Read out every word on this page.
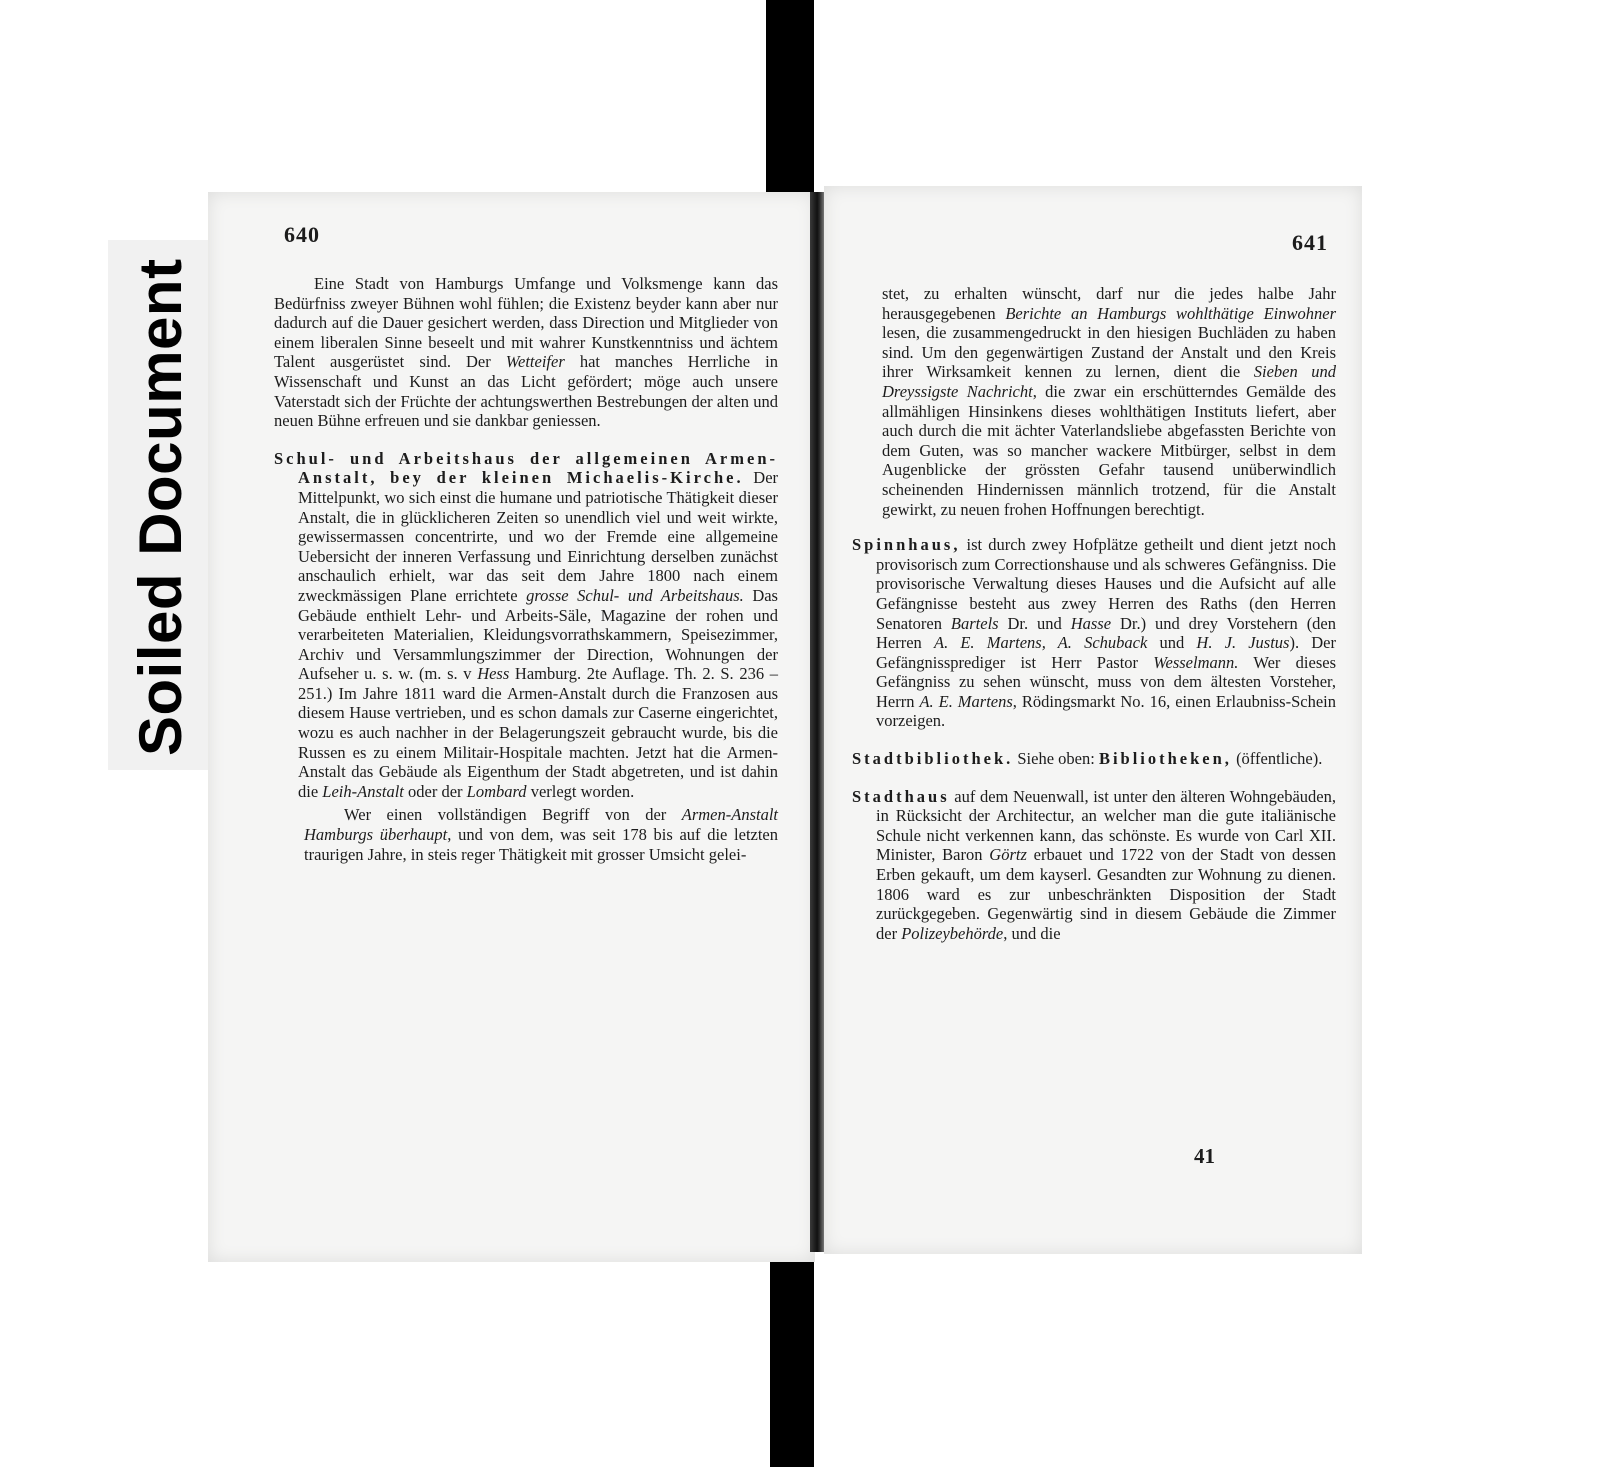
Soiled Document
640

Eine Stadt von Hamburgs Umfange und Volksmenge kann das Bedürfniss zweyer Bühnen wohl fühlen; die Existenz beyder kann aber nur dadurch auf die Dauer gesichert werden, dass Direction und Mitglieder von einem liberalen Sinne beseelt und mit wahrer Kunstkenntniss und ächtem Talent ausgerüstet sind. Der Wetteifer hat manches Herrliche in Wissenschaft und Kunst an das Licht gefördert; möge auch unsere Vaterstadt sich der Früchte der achtungswerthen Bestrebungen der alten und neuen Bühne erfreuen und sie dankbar geniessen.

Schul- und Arbeitshaus der allgemeinen Armen-Anstalt, bey der kleinen Michaelis-Kirche. Der Mittelpunkt, wo sich einst die humane und patriotische Thätigkeit dieser Anstalt, die in glücklicheren Zeiten so unendlich viel und weit wirkte, gewissermassen concentrirte, und wo der Fremde eine allgemeine Uebersicht der inneren Verfassung und Einrichtung derselben zunächst anschaulich erhielt, war das seit dem Jahre 1800 nach einem zweckmässigen Plane errichtete grosse Schul- und Arbeitshaus. Das Gebäude enthielt Lehr- und Arbeits-Säle, Magazine der rohen und verarbeiteten Materialien, Kleidungsvorrathskammern, Speisezimmer, Archiv und Versammlungszimmer der Direction, Wohnungen der Aufseher u. s. w. (m. s. v Hess Hamburg. 2te Auflage. Th. 2. S. 236 – 251.) Im Jahre 1811 ward die Armen-Anstalt durch die Franzosen aus diesem Hause vertrieben, und es schon damals zur Caserne eingerichtet, wozu es auch nachher in der Belagerungszeit gebraucht wurde, bis die Russen es zu einem Militair-Hospitale machten. Jetzt hat die Armen-Anstalt das Gebäude als Eigenthum der Stadt abgetreten, und ist dahin die Leih-Anstalt oder der Lombard verlegt worden.

Wer einen vollständigen Begriff von der Armen-Anstalt Hamburgs überhaupt, und von dem, was seit 178 bis auf die letzten traurigen Jahre, in steis reger Thätigkeit mit grosser Umsicht gelei-

641

stet, zu erhalten wünscht, darf nur die jedes halbe Jahr herausgegebenen Berichte an Hamburgs wohlthätige Einwohner lesen, die zusammengedruckt in den hiesigen Buchläden zu haben sind. Um den gegenwärtigen Zustand der Anstalt und den Kreis ihrer Wirksamkeit kennen zu lernen, dient die Sieben und Dreyssigste Nachricht, die zwar ein erschütterndes Gemälde des allmähligen Hinsinkens dieses wohlthätigen Instituts liefert, aber auch durch die mit ächter Vaterlandsliebe abgefassten Berichte von dem Guten, was so mancher wackere Mitbürger, selbst in dem Augenblicke der grössten Gefahr tausend unüberwindlich scheinenden Hindernissen männlich trotzend, für die Anstalt gewirkt, zu neuen frohen Hoffnungen berechtigt.

Spinnhaus, ist durch zwey Hofplätze getheilt und dient jetzt noch provisorisch zum Correctionshause und als schweres Gefängniss. Die provisorische Verwaltung dieses Hauses und die Aufsicht auf alle Gefängnisse besteht aus zwey Herren des Raths (den Herren Senatoren Bartels Dr. und Hasse Dr.) und drey Vorstehern (den Herren A. E. Martens, A. Schuback und H. J. Justus). Der Gefängnissprediger ist Herr Pastor Wesselmann. Wer dieses Gefängniss zu sehen wünscht, muss von dem ältesten Vorsteher, Herrn A. E. Martens, Rödingsmarkt No. 16, einen Erlaubniss-Schein vorzeigen.

Stadtbibliothek. Siehe oben: Bibliotheken, (öffentliche).

Stadthaus auf dem Neuenwall, ist unter den älteren Wohngebäuden, in Rücksicht der Architectur, an welcher man die gute italiänische Schule nicht verkennen kann, das schönste. Es wurde von Carl XII. Minister, Baron Görtz erbauet und 1722 von der Stadt von dessen Erben gekauft, um dem kayserl. Gesandten zur Wohnung zu dienen. 1806 ward es zur unbeschränkten Disposition der Stadt zurückgegeben. Gegenwärtig sind in diesem Gebäude die Zimmer der Polizeybehörde, und die

41
